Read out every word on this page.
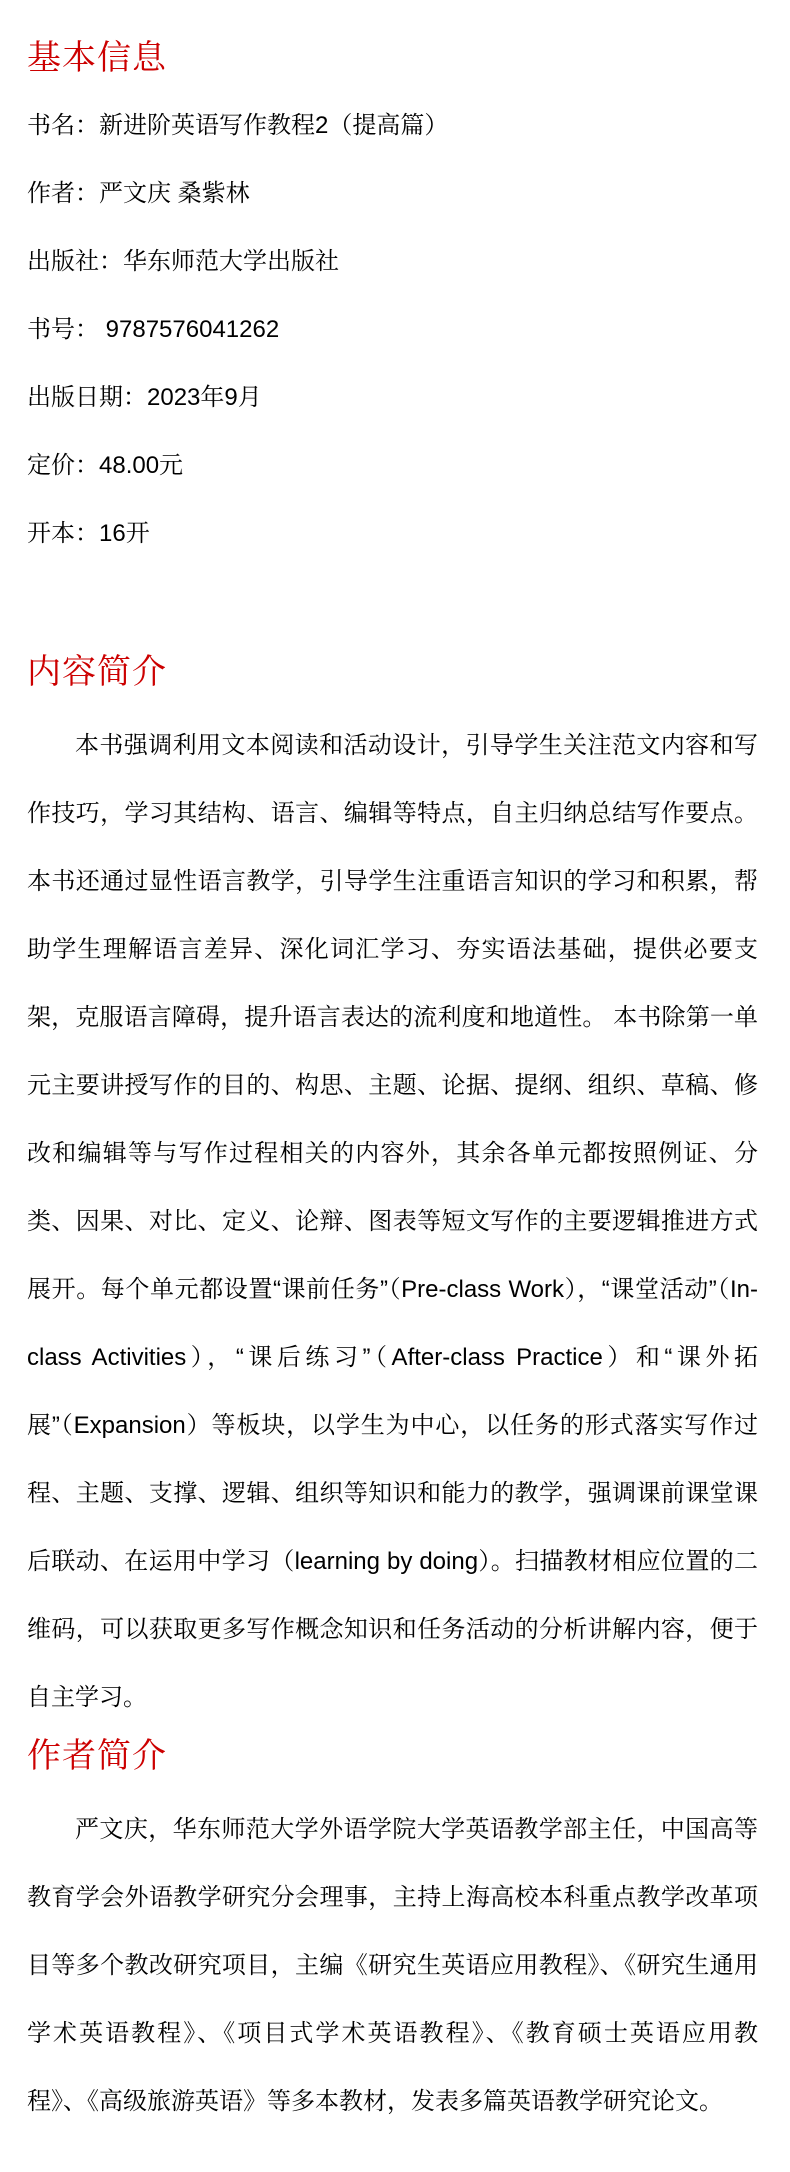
基本信息
书名：新进阶英语写作教程2（提高篇）
作者：严文庆 桑紫林
出版社：华东师范大学出版社
书号： 9787576041262
出版日期：2023年9月
定价：48.00元
开本：16开
内容简介

本书强调利用文本阅读和活动设计，引导学生关注范文内容和写作技巧，学习其结构、语言、编辑等特点，自主归纳总结写作要点。本书还通过显性语言教学，引导学生注重语言知识的学习和积累，帮助学生理解语言差异、深化词汇学习、夯实语法基础，提供必要支架，克服语言障碍，提升语言表达的流利度和地道性。 本书除第一单元主要讲授写作的目的、构思、主题、论据、提纲、组织、草稿、修改和编辑等与写作过程相关的内容外，其余各单元都按照例证、分类、因果、对比、定义、论辩、图表等短文写作的主要逻辑推进方式展开。每个单元都设置“课前任务”（Pre-class Work），“课堂活动”（In-class Activities），“课后练习”（After-class Practice）和“课外拓展”（Expansion）等板块，以学生为中心，以任务的形式落实写作过程、主题、支撑、逻辑、组织等知识和能力的教学，强调课前课堂课后联动、在运用中学习（learning by doing）。扫描教材相应位置的二维码，可以获取更多写作概念知识和任务活动的分析讲解内容，便于自主学习。

作者简介

严文庆，华东师范大学外语学院大学英语教学部主任，中国高等教育学会外语教学研究分会理事，主持上海高校本科重点教学改革项目等多个教改研究项目，主编《研究生英语应用教程》、《研究生通用学术英语教程》、《项目式学术英语教程》、《教育硕士英语应用教程》、《高级旅游英语》等多本教材，发表多篇英语教学研究论文。
